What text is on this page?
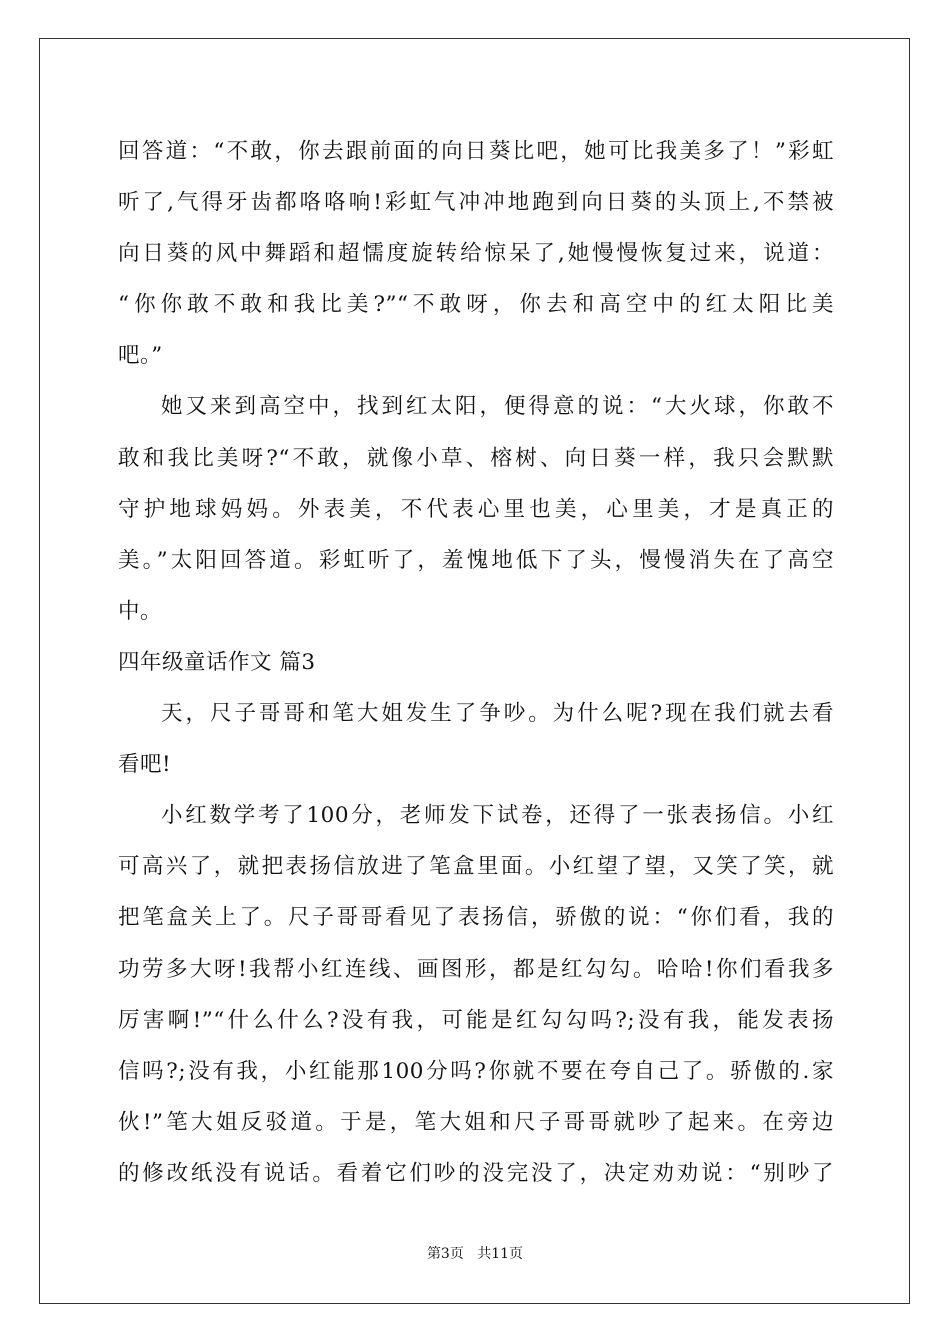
回答道：“不敢，你去跟前面的向日葵比吧，她可比我美多了！”彩虹
听了,气得牙齿都咯咯响!彩虹气冲冲地跑到向日葵的头顶上,不禁被
向日葵的风中舞蹈和超懦度旋转给惊呆了,她慢慢恢复过来，说道：
“你你敢不敢和我比美?”“不敢呀，你去和高空中的红太阳比美
吧。”
她又来到高空中，找到红太阳，便得意的说：“大火球，你敢不
敢和我比美呀?“不敢，就像小草、榕树、向日葵一样，我只会默默
守护地球妈妈。外表美，不代表心里也美，心里美，才是真正的
美。”太阳回答道。彩虹听了，羞愧地低下了头，慢慢消失在了高空
中。
四年级童话作文 篇3
天，尺子哥哥和笔大姐发生了争吵。为什么呢?现在我们就去看
看吧!
小红数学考了100分，老师发下试卷，还得了一张表扬信。小红
可高兴了，就把表扬信放进了笔盒里面。小红望了望，又笑了笑，就
把笔盒关上了。尺子哥哥看见了表扬信，骄傲的说：“你们看，我的
功劳多大呀!我帮小红连线、画图形，都是红勾勾。哈哈!你们看我多
厉害啊!”“什么什么?没有我，可能是红勾勾吗?;没有我，能发表扬
信吗?;没有我，小红能那100分吗?你就不要在夸自己了。骄傲的.家
伙!”笔大姐反驳道。于是，笔大姐和尺子哥哥就吵了起来。在旁边
的修改纸没有说话。看着它们吵的没完没了，决定劝劝说：“别吵了
第3页 共11页
